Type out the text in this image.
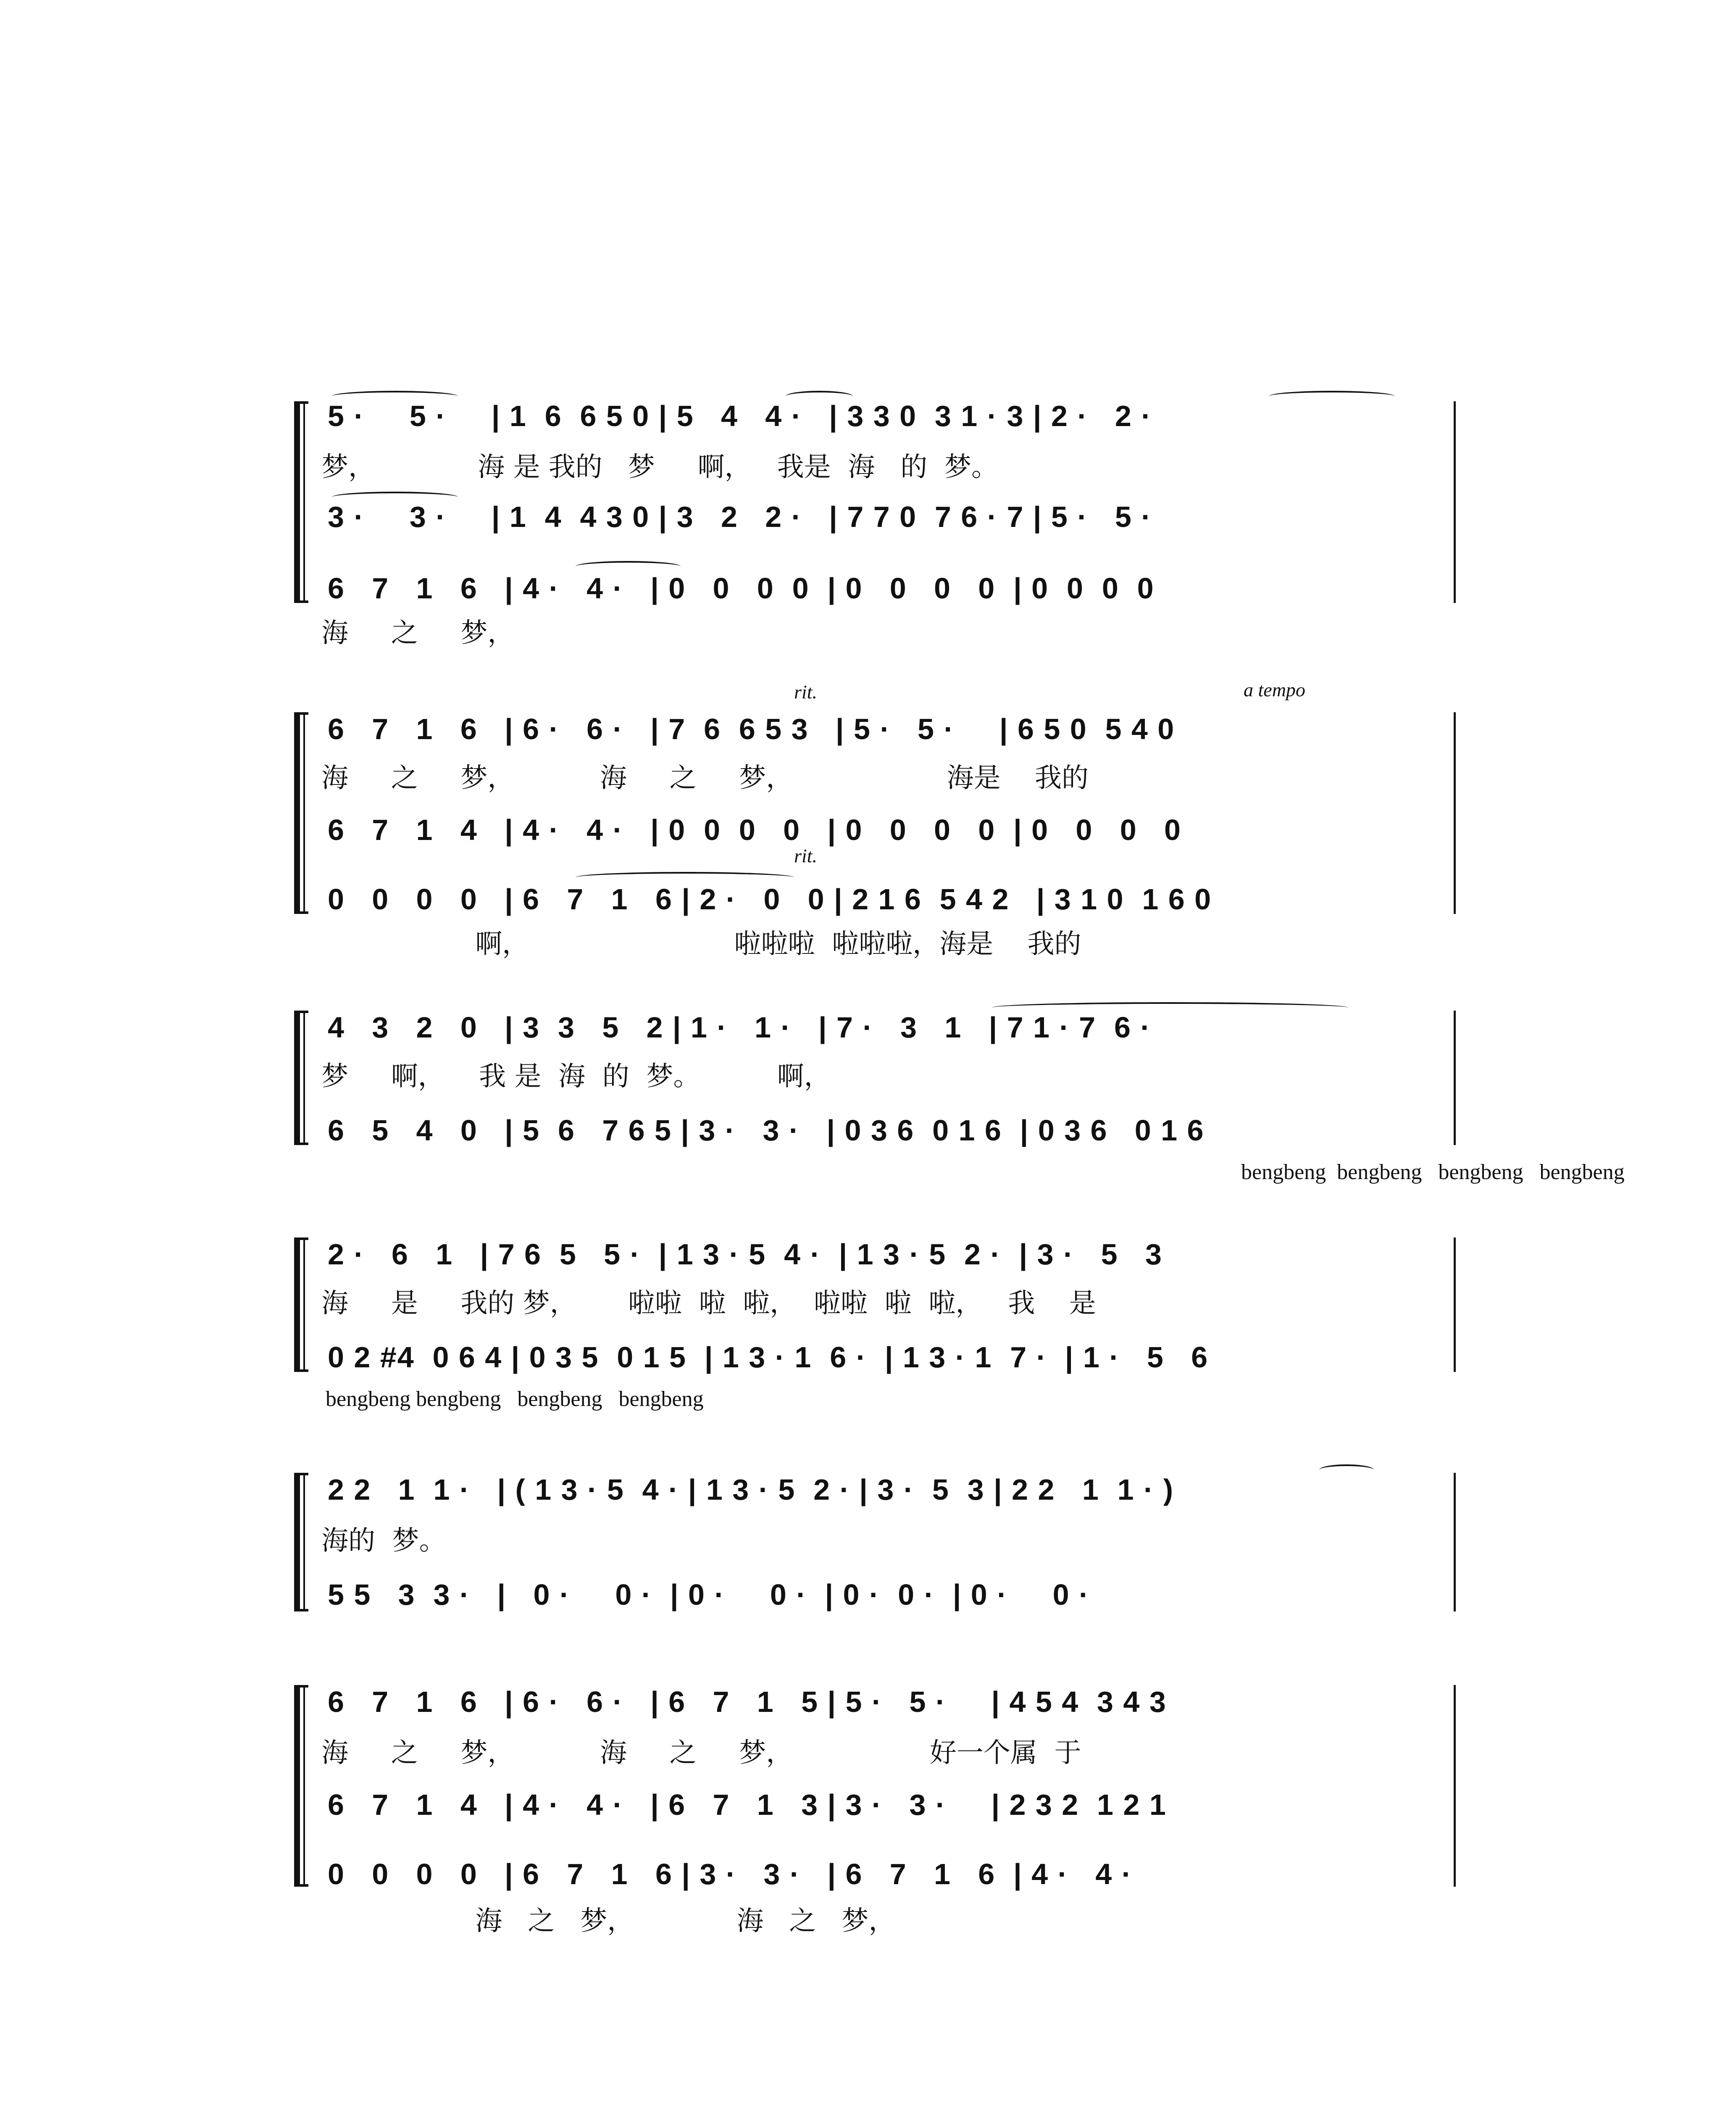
5 ·     5 ·     | 1  6  6 5 0 | 5   4   4 ·   | 3 3 0  3 1 · 3 | 2 ·   2 ·
梦，            海 是 我的   梦     啊，   我是  海   的  梦。
3 ·     3 ·     | 1  4  4 3 0 | 3   2   2 ·   | 7 7 0  7 6 · 7 | 5 ·   5 ·
6   7   1   6   | 4 ·   4 ·   | 0   0   0  0  | 0   0   0   0  | 0  0  0  0
海     之     梦，
rit.	a tempo
6   7   1   6   | 6 ·   6 ·   | 7  6  6 5 3   | 5 ·   5 ·     | 6 5 0  5 4 0
海     之     梦，          海     之     梦，                  海是    我的
6   7   1   4   | 4 ·   4 ·   | 0  0  0   0   | 0   0   0   0  | 0   0   0   0
rit.
0   0   0   0   | 6   7   1   6 | 2 ·   0   0 | 2 1 6  5 4 2   | 3 1 0  1 6 0
啊，                        啦啦啦  啦啦啦，海是    我的
4   3   2   0   | 3  3   5   2 | 1 ·   1 ·   | 7 ·   3   1   | 7 1 · 7  6 ·
梦     啊，    我 是  海  的  梦。         啊，
6   5   4   0   | 5  6   7 6 5 | 3 ·   3 ·   | 0 3 6  0 1 6  | 0 3 6   0 1 6
bengbeng  bengbeng   bengbeng   bengbeng
2 ·   6   1   | 7 6  5   5 ·  | 1 3 · 5  4 ·  | 1 3 · 5  2 ·  | 3 ·   5   3
海     是     我的 梦，      啦啦  啦  啦，  啦啦  啦  啦，   我    是
0 2 #4  0 6 4 | 0 3 5  0 1 5  | 1 3 · 1  6 ·  | 1 3 · 1  7 ·  | 1 ·   5   6
bengbeng bengbeng   bengbeng   bengbeng
2 2   1  1 ·   | ( 1 3 · 5  4 · | 1 3 · 5  2 · | 3 ·  5  3 | 2 2   1  1 · )
海的  梦。
5 5   3  3 ·   |   0 ·     0 ·  | 0 ·     0 ·  | 0 ·  0 ·  | 0 ·     0 ·
6   7   1   6   | 6 ·   6 ·   | 6   7   1   5 | 5 ·   5 ·     | 4 5 4  3 4 3
海     之     梦，          海     之     梦，                好一个属  于
6   7   1   4   | 4 ·   4 ·   | 6   7   1   3 | 3 ·   3 ·     | 2 3 2  1 2 1
0   0   0   0   | 6   7   1   6 | 3 ·   3 ·   | 6   7   1   6  | 4 ·   4 ·
海   之   梦，            海   之   梦，
